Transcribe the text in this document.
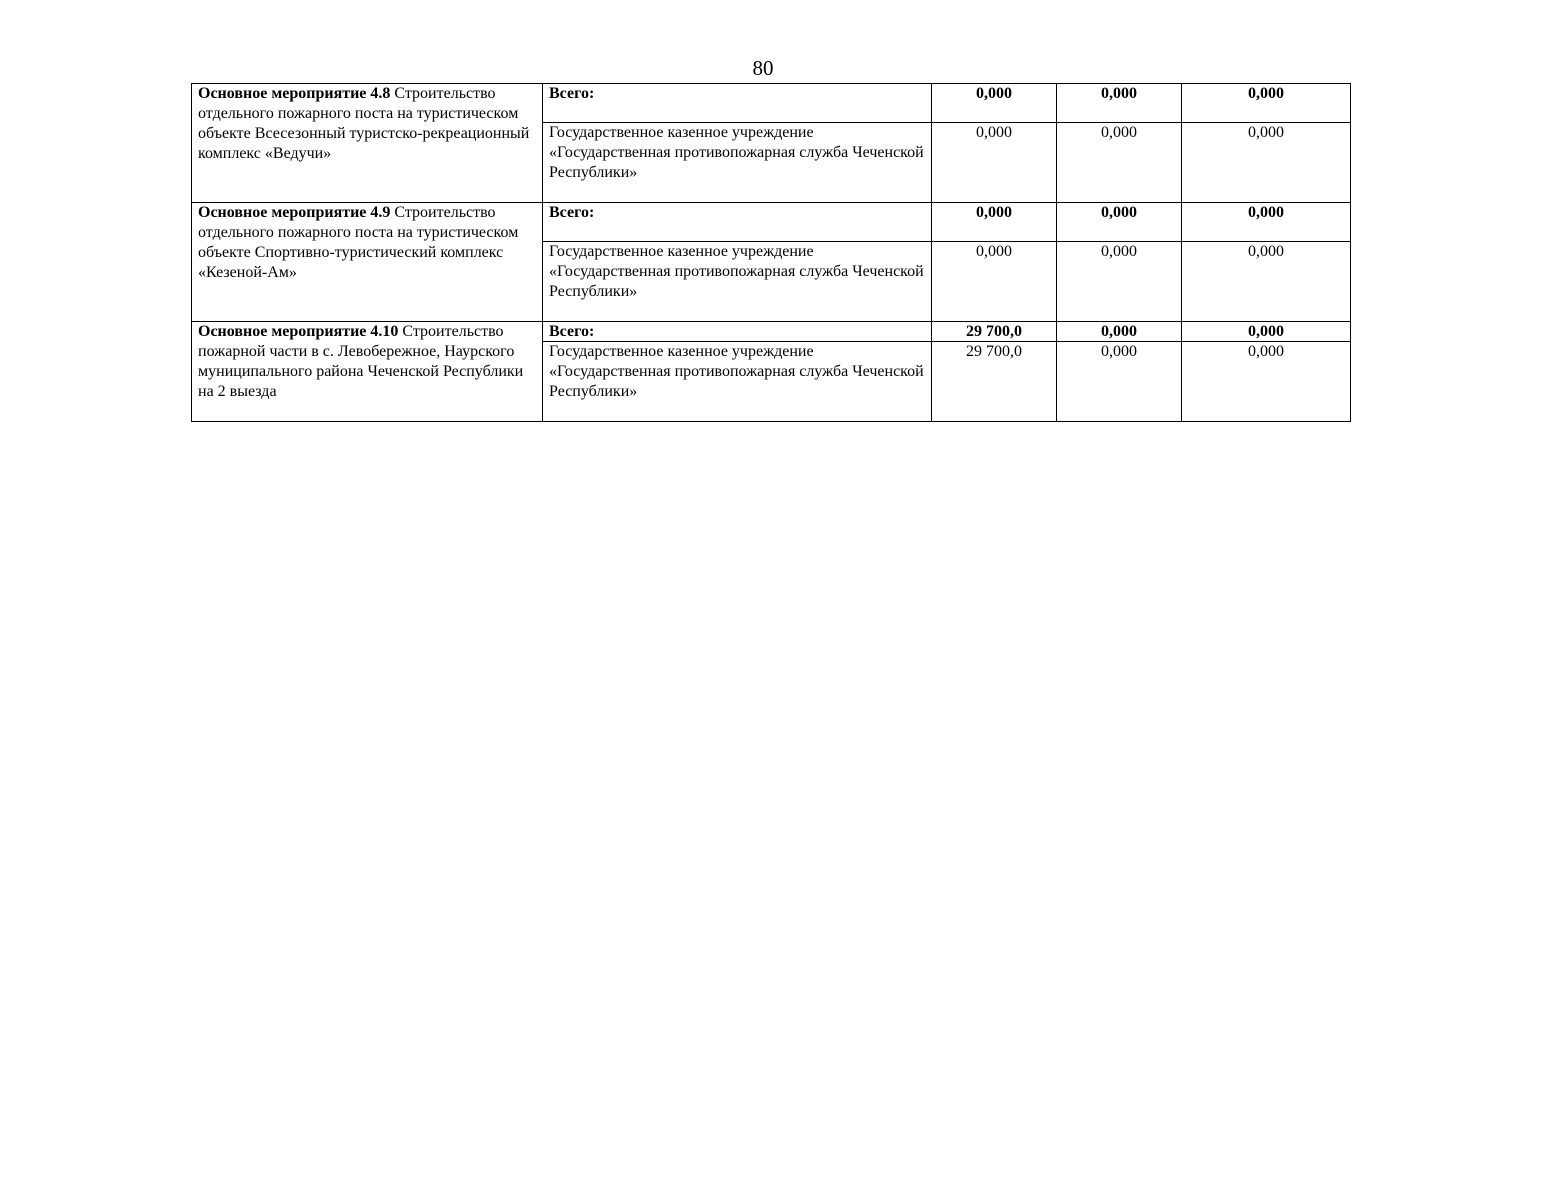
80
Основное мероприятие 4.8 Строительство отдельного пожарного поста на туристическом объекте Всесезонный туристско-рекреационный комплекс «Ведучи»	Всего:	0,000	0,000	0,000
	Государственное казенное учреждение «Государственная противопожарная служба Чеченской Республики»	0,000	0,000	0,000
Основное мероприятие 4.9 Строительство отдельного пожарного поста на туристическом объекте Спортивно-туристический комплекс «Кезеной-Ам»	Всего:	0,000	0,000	0,000
	Государственное казенное учреждение «Государственная противопожарная служба Чеченской Республики»	0,000	0,000	0,000
Основное мероприятие 4.10 Строительство пожарной части в с. Левобережное, Наурского муниципального района Чеченской Республики на 2 выезда	Всего:	29 700,0	0,000	0,000
	Государственное казенное учреждение «Государственная противопожарная служба Чеченской Республики»	29 700,0	0,000	0,000
